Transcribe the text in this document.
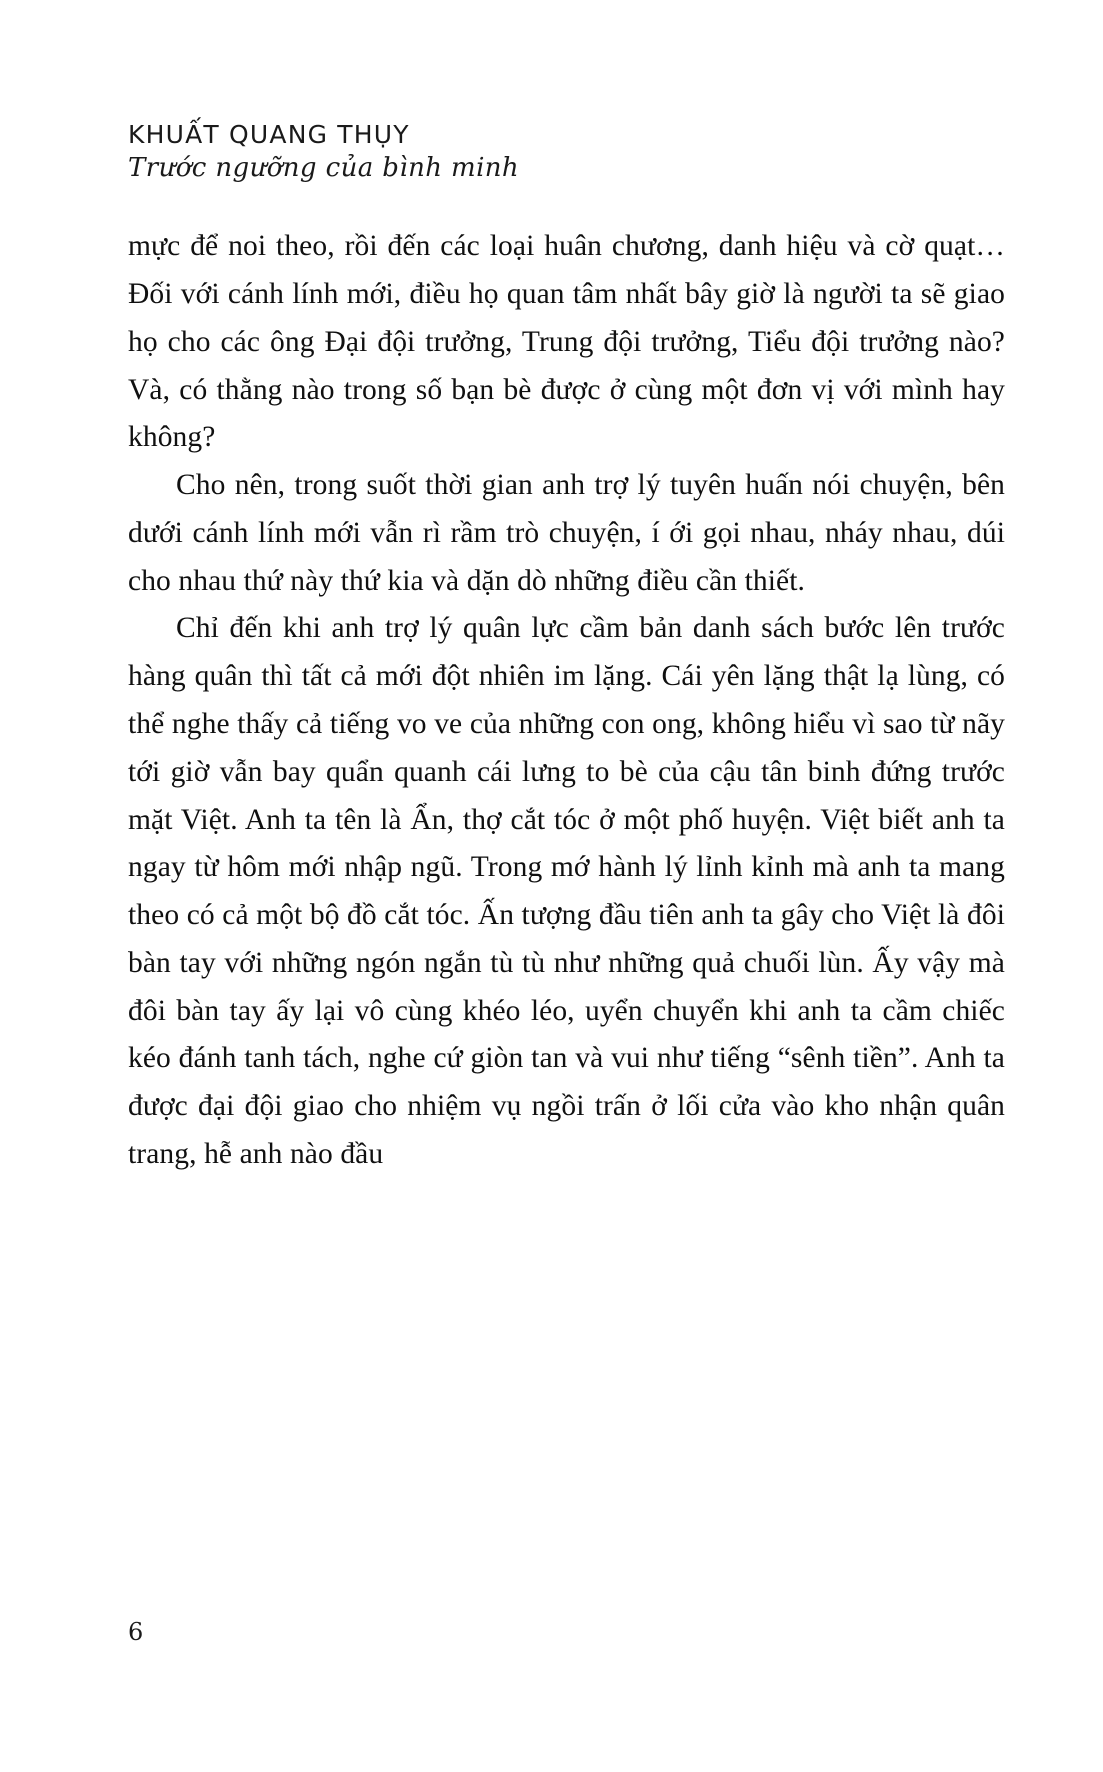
KHUẤT QUANG THỤY
Trước ngưỡng của bình minh

mực để noi theo, rồi đến các loại huân chương, danh hiệu và cờ quạt… Đối với cánh lính mới, điều họ quan tâm nhất bây giờ là người ta sẽ giao họ cho các ông Đại đội trưởng, Trung đội trưởng, Tiểu đội trưởng nào? Và, có thằng nào trong số bạn bè được ở cùng một đơn vị với mình hay không?

Cho nên, trong suốt thời gian anh trợ lý tuyên huấn nói chuyện, bên dưới cánh lính mới vẫn rì rầm trò chuyện, í ới gọi nhau, nháy nhau, dúi cho nhau thứ này thứ kia và dặn dò những điều cần thiết.

Chỉ đến khi anh trợ lý quân lực cầm bản danh sách bước lên trước hàng quân thì tất cả mới đột nhiên im lặng. Cái yên lặng thật lạ lùng, có thể nghe thấy cả tiếng vo ve của những con ong, không hiểu vì sao từ nãy tới giờ vẫn bay quẩn quanh cái lưng to bè của cậu tân binh đứng trước mặt Việt. Anh ta tên là Ẩn, thợ cắt tóc ở một phố huyện. Việt biết anh ta ngay từ hôm mới nhập ngũ. Trong mớ hành lý lỉnh kỉnh mà anh ta mang theo có cả một bộ đồ cắt tóc. Ấn tượng đầu tiên anh ta gây cho Việt là đôi bàn tay với những ngón ngắn tù tù như những quả chuối lùn. Ấy vậy mà đôi bàn tay ấy lại vô cùng khéo léo, uyển chuyển khi anh ta cầm chiếc kéo đánh tanh tách, nghe cứ giòn tan và vui như tiếng “sênh tiền”. Anh ta được đại đội giao cho nhiệm vụ ngồi trấn ở lối cửa vào kho nhận quân trang, hễ anh nào đầu

6
